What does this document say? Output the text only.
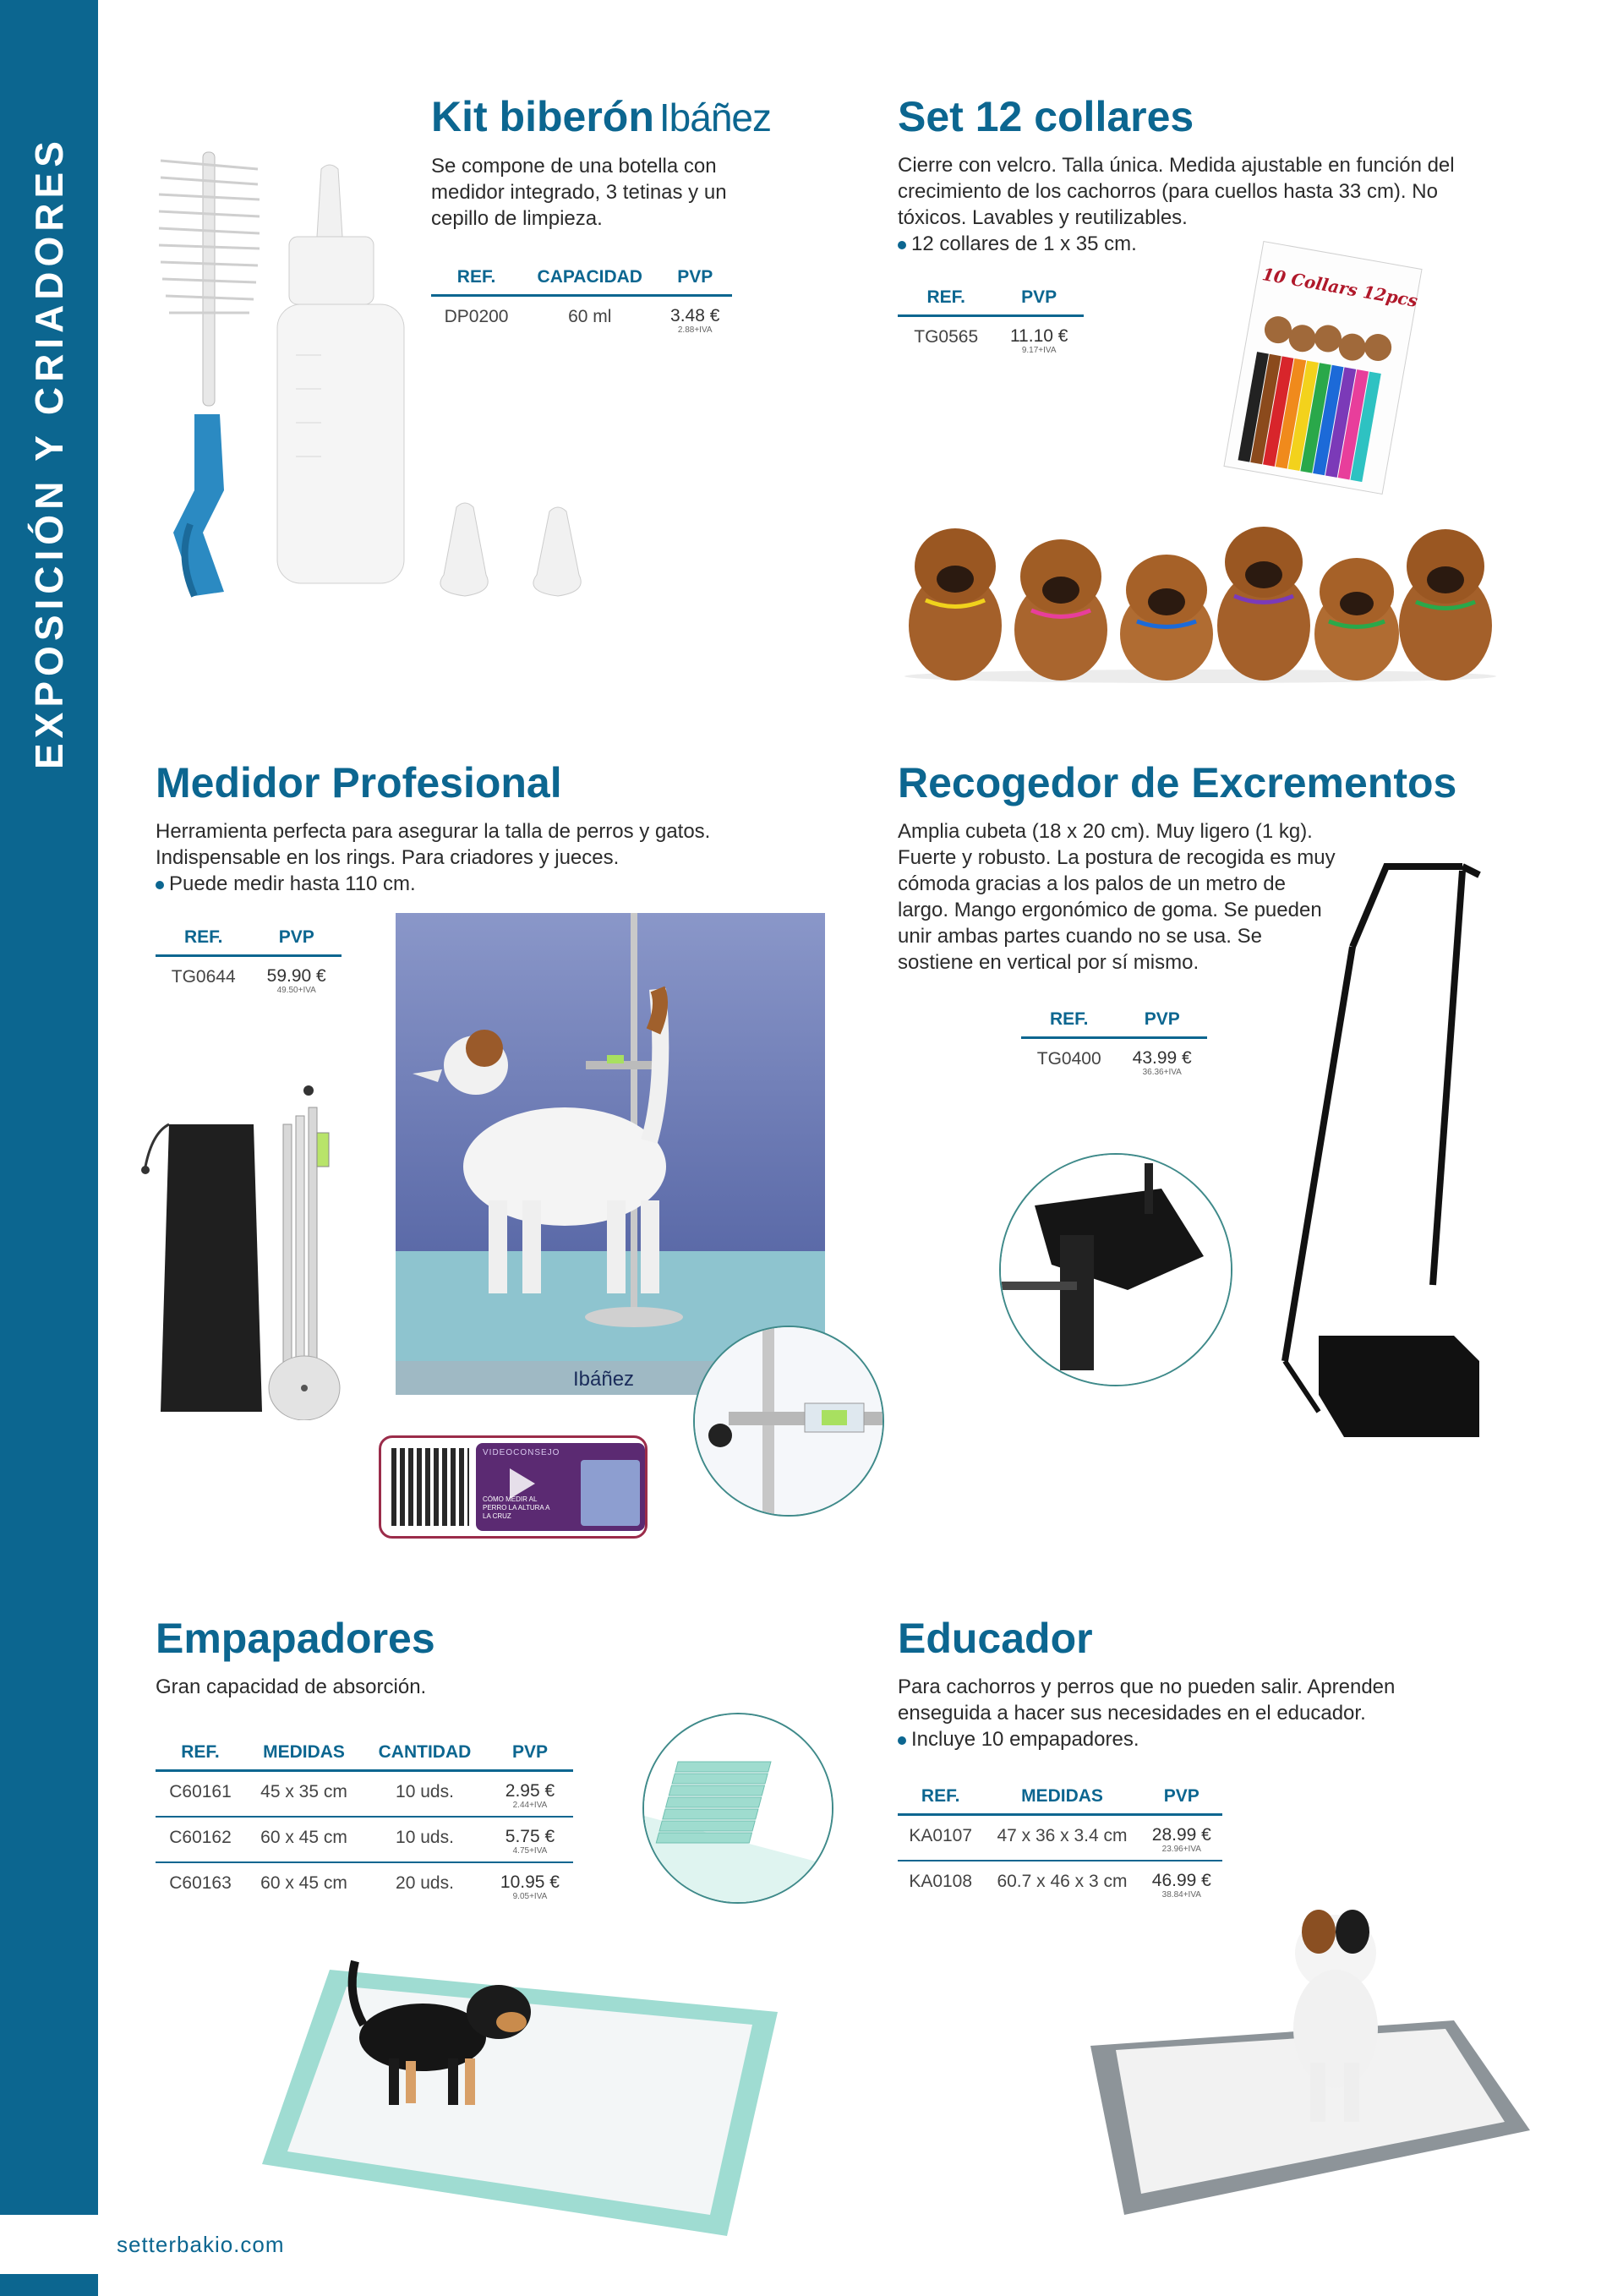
EXPOSICIÓN Y CRIADORES
setterbakio.com
Kit biberón Ibáñez
Se compone de una botella con medidor integrado, 3 tetinas y un cepillo de limpieza.
REF.	CAPACIDAD	PVP
DP0200	60 ml	3.48 €
2.88+IVA
Set 12 collares
Cierre con velcro. Talla única. Medida ajustable en función del crecimiento de los cachorros (para cuellos hasta 33 cm). No tóxicos. Lavables y reutilizables.
12 collares de 1 x 35 cm.
REF.	PVP
TG0565	11.10 €
9.17+IVA
10 Collars 12pcs
Medidor Profesional
Herramienta perfecta para asegurar la talla de perros y gatos. Indispensable en los rings. Para criadores y jueces.
Puede medir hasta 110 cm.
REF.	PVP
TG0644	59.90 €
49.50+IVA
Ibáñez
VIDEOCONSEJO
CÓMO MEDIR AL PERRO LA ALTURA A LA CRUZ
Recogedor de Excrementos
Amplia cubeta (18 x 20 cm). Muy ligero (1 kg). Fuerte y robusto. La postura de recogida es muy cómoda gracias a los palos de un metro de largo. Mango ergonómico de goma. Se pueden unir ambas partes cuando no se usa. Se sostiene en vertical por sí mismo.
REF.	PVP
TG0400	43.99 €
36.36+IVA
Empapadores
Gran capacidad de absorción.
REF.	MEDIDAS	CANTIDAD	PVP
C60161	45 x 35 cm	10 uds.	2.95 €
2.44+IVA

C60162	60 x 45 cm	10 uds.	5.75 €
4.75+IVA

C60163	60 x 45 cm	20 uds.	10.95 €
9.05+IVA
Educador
Para cachorros y perros que no pueden salir. Aprenden enseguida a hacer sus necesidades en el educador.
Incluye 10 empapadores.
REF.	MEDIDAS	PVP
KA0107	47 x 36 x 3.4 cm	28.99 €
23.96+IVA

KA0108	60.7 x 46 x 3 cm	46.99 €
38.84+IVA
